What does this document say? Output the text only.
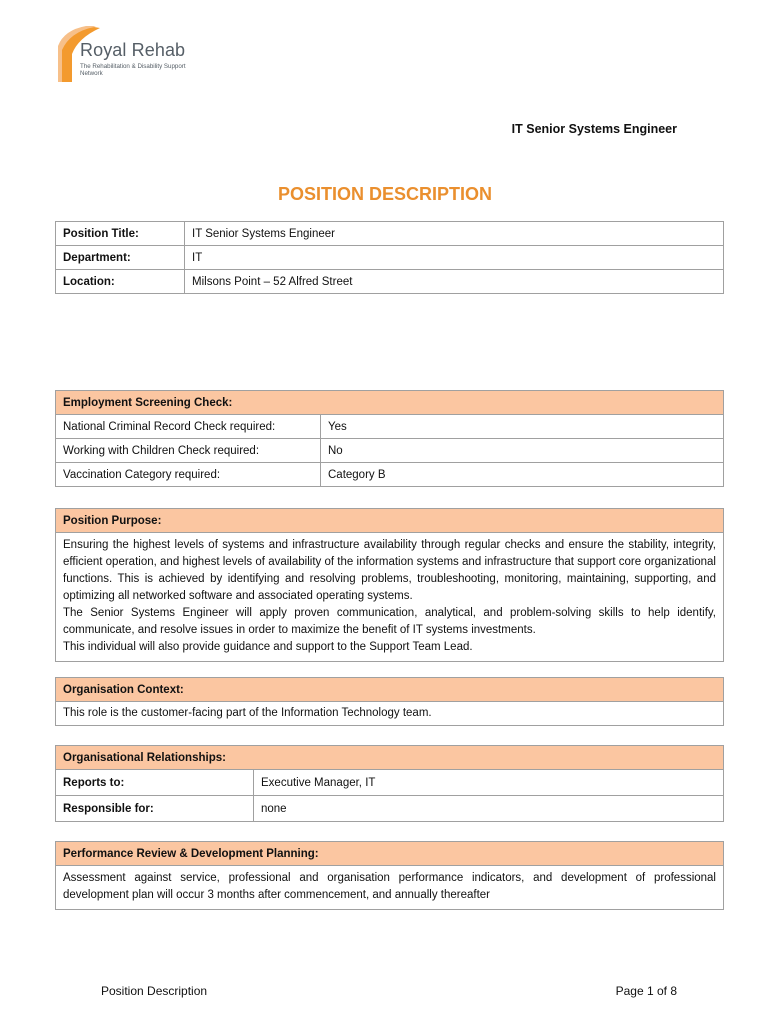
Royal Rehab
The Rehabilitation & Disability Support Network
IT Senior Systems Engineer
POSITION DESCRIPTION
Position Title:	IT Senior Systems Engineer
Department:	IT
Location:	Milsons Point – 52 Alfred Street
Employment Screening Check:	
National Criminal Record Check required:	Yes
Working with Children Check required:	No
Vaccination Category required:	Category B
Position Purpose:

Ensuring the highest levels of systems and infrastructure availability through regular checks and ensure the stability, integrity, efficient operation, and highest levels of availability of the information systems and infrastructure that support core organizational functions. This is achieved by identifying and resolving problems, troubleshooting, monitoring, maintaining, supporting, and optimizing all networked software and associated operating systems.

The Senior Systems Engineer will apply proven communication, analytical, and problem-solving skills to help identify, communicate, and resolve issues in order to maximize the benefit of IT systems investments.

This individual will also provide guidance and support to the Support Team Lead.

Organisation Context:
This role is the customer-facing part of the Information Technology team.
Organisational Relationships:	
Reports to:	Executive Manager, IT
Responsible for:	none
Performance Review & Development Planning:
Assessment against service, professional and organisation performance indicators, and development of professional development plan will occur 3 months after commencement, and annually thereafter
Position Description	Page 1 of 8
